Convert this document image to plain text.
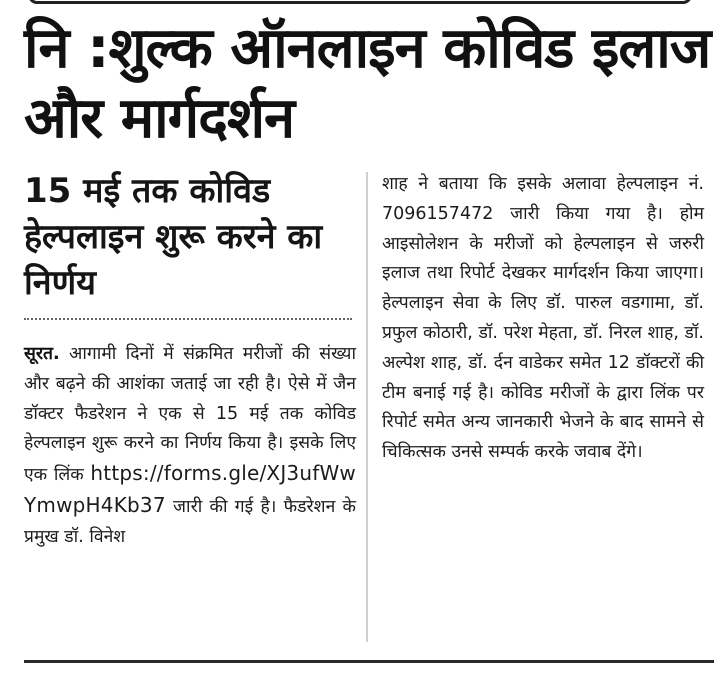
नि :शुल्क ऑनलाइन कोविड इलाज और मार्गदर्शन
15 मई तक कोविड हेल्पलाइन शुरू करने का निर्णय

सूरत. आगामी दिनों में संक्रमित मरीजों की संख्या और बढ़ने की आशंका जताई जा रही है। ऐसे में जैन डॉक्टर फैडरेशन ने एक से 15 मई तक कोविड हेल्पलाइन शुरू करने का निर्णय किया है। इसके लिए एक लिंक https://forms.gle/XJ3ufWwYmwpH4Kb37 जारी की गई है। फैडरेशन के प्रमुख डॉ. विनेश

शाह ने बताया कि इसके अलावा हेल्पलाइन नं. 7096157472 जारी किया गया है। होम आइसोलेशन के मरीजों को हेल्पलाइन से जरुरी इलाज तथा रिपोर्ट देखकर मार्गदर्शन किया जाएगा। हेल्पलाइन सेवा के लिए डॉ. पारुल वडगामा, डॉ. प्रफुल कोठारी, डॉ. परेश मेहता, डॉ. निरल शाह, डॉ. अल्पेश शाह, डॉ. र्दन वाडेकर समेत 12 डॉक्टरों की टीम बनाई गई है। कोविड मरीजों के द्वारा लिंक पर रिपोर्ट समेत अन्य जानकारी भेजने के बाद सामने से चिकित्सक उनसे सम्पर्क करके जवाब देंगे।
